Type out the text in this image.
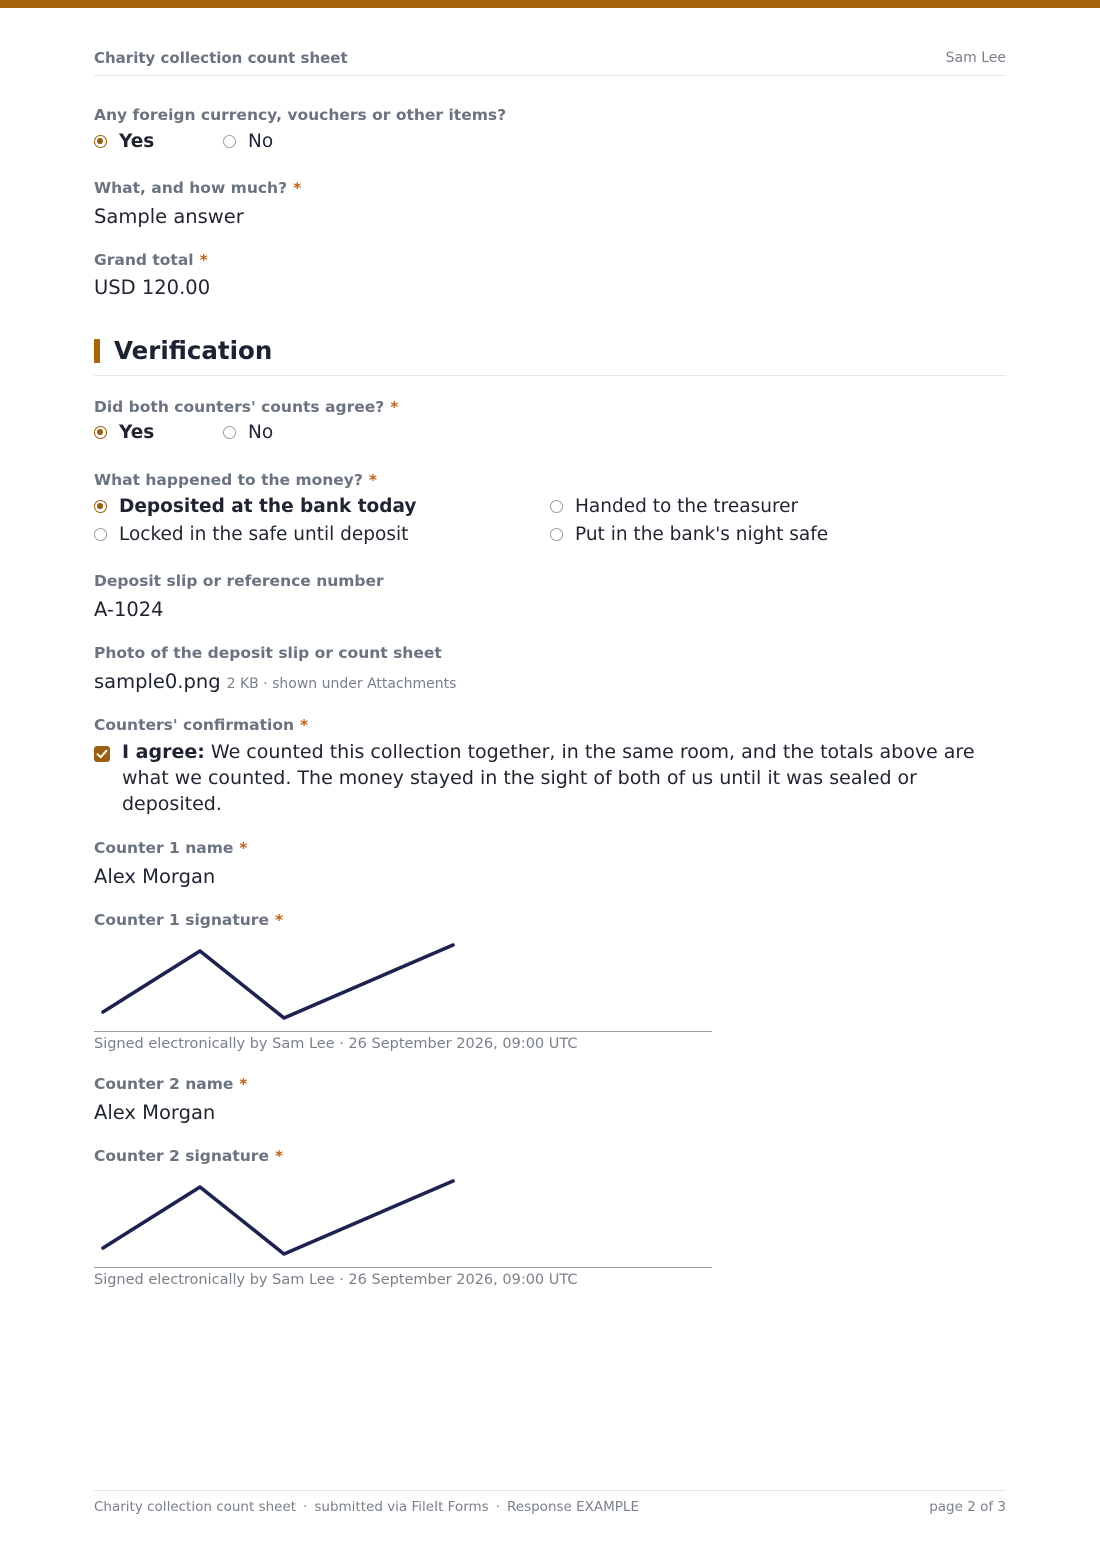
Charity collection count sheet	Sam Lee
Any foreign currency, vouchers or other items?
Yes	No
What, and how much? *
Sample answer
Grand total *
USD 120.00
Verification
Did both counters' counts agree? *
Yes	No
What happened to the money? *
Deposited at the bank today	Handed to the treasurer
Locked in the safe until deposit	Put in the bank's night safe
Deposit slip or reference number
A-1024
Photo of the deposit slip or count sheet
sample0.png 2 KB · shown under Attachments
Counters' confirmation *
I agree: We counted this collection together, in the same room, and the totals above are what we counted. The money stayed in the sight of both of us until it was sealed or deposited.
Counter 1 name *
Alex Morgan
Counter 1 signature *
Signed electronically by Sam Lee · 26 September 2026, 09:00 UTC
Counter 2 name *
Alex Morgan
Counter 2 signature *
Signed electronically by Sam Lee · 26 September 2026, 09:00 UTC
Charity collection count sheet · submitted via FileIt Forms · Response EXAMPLE	page 2 of 3
